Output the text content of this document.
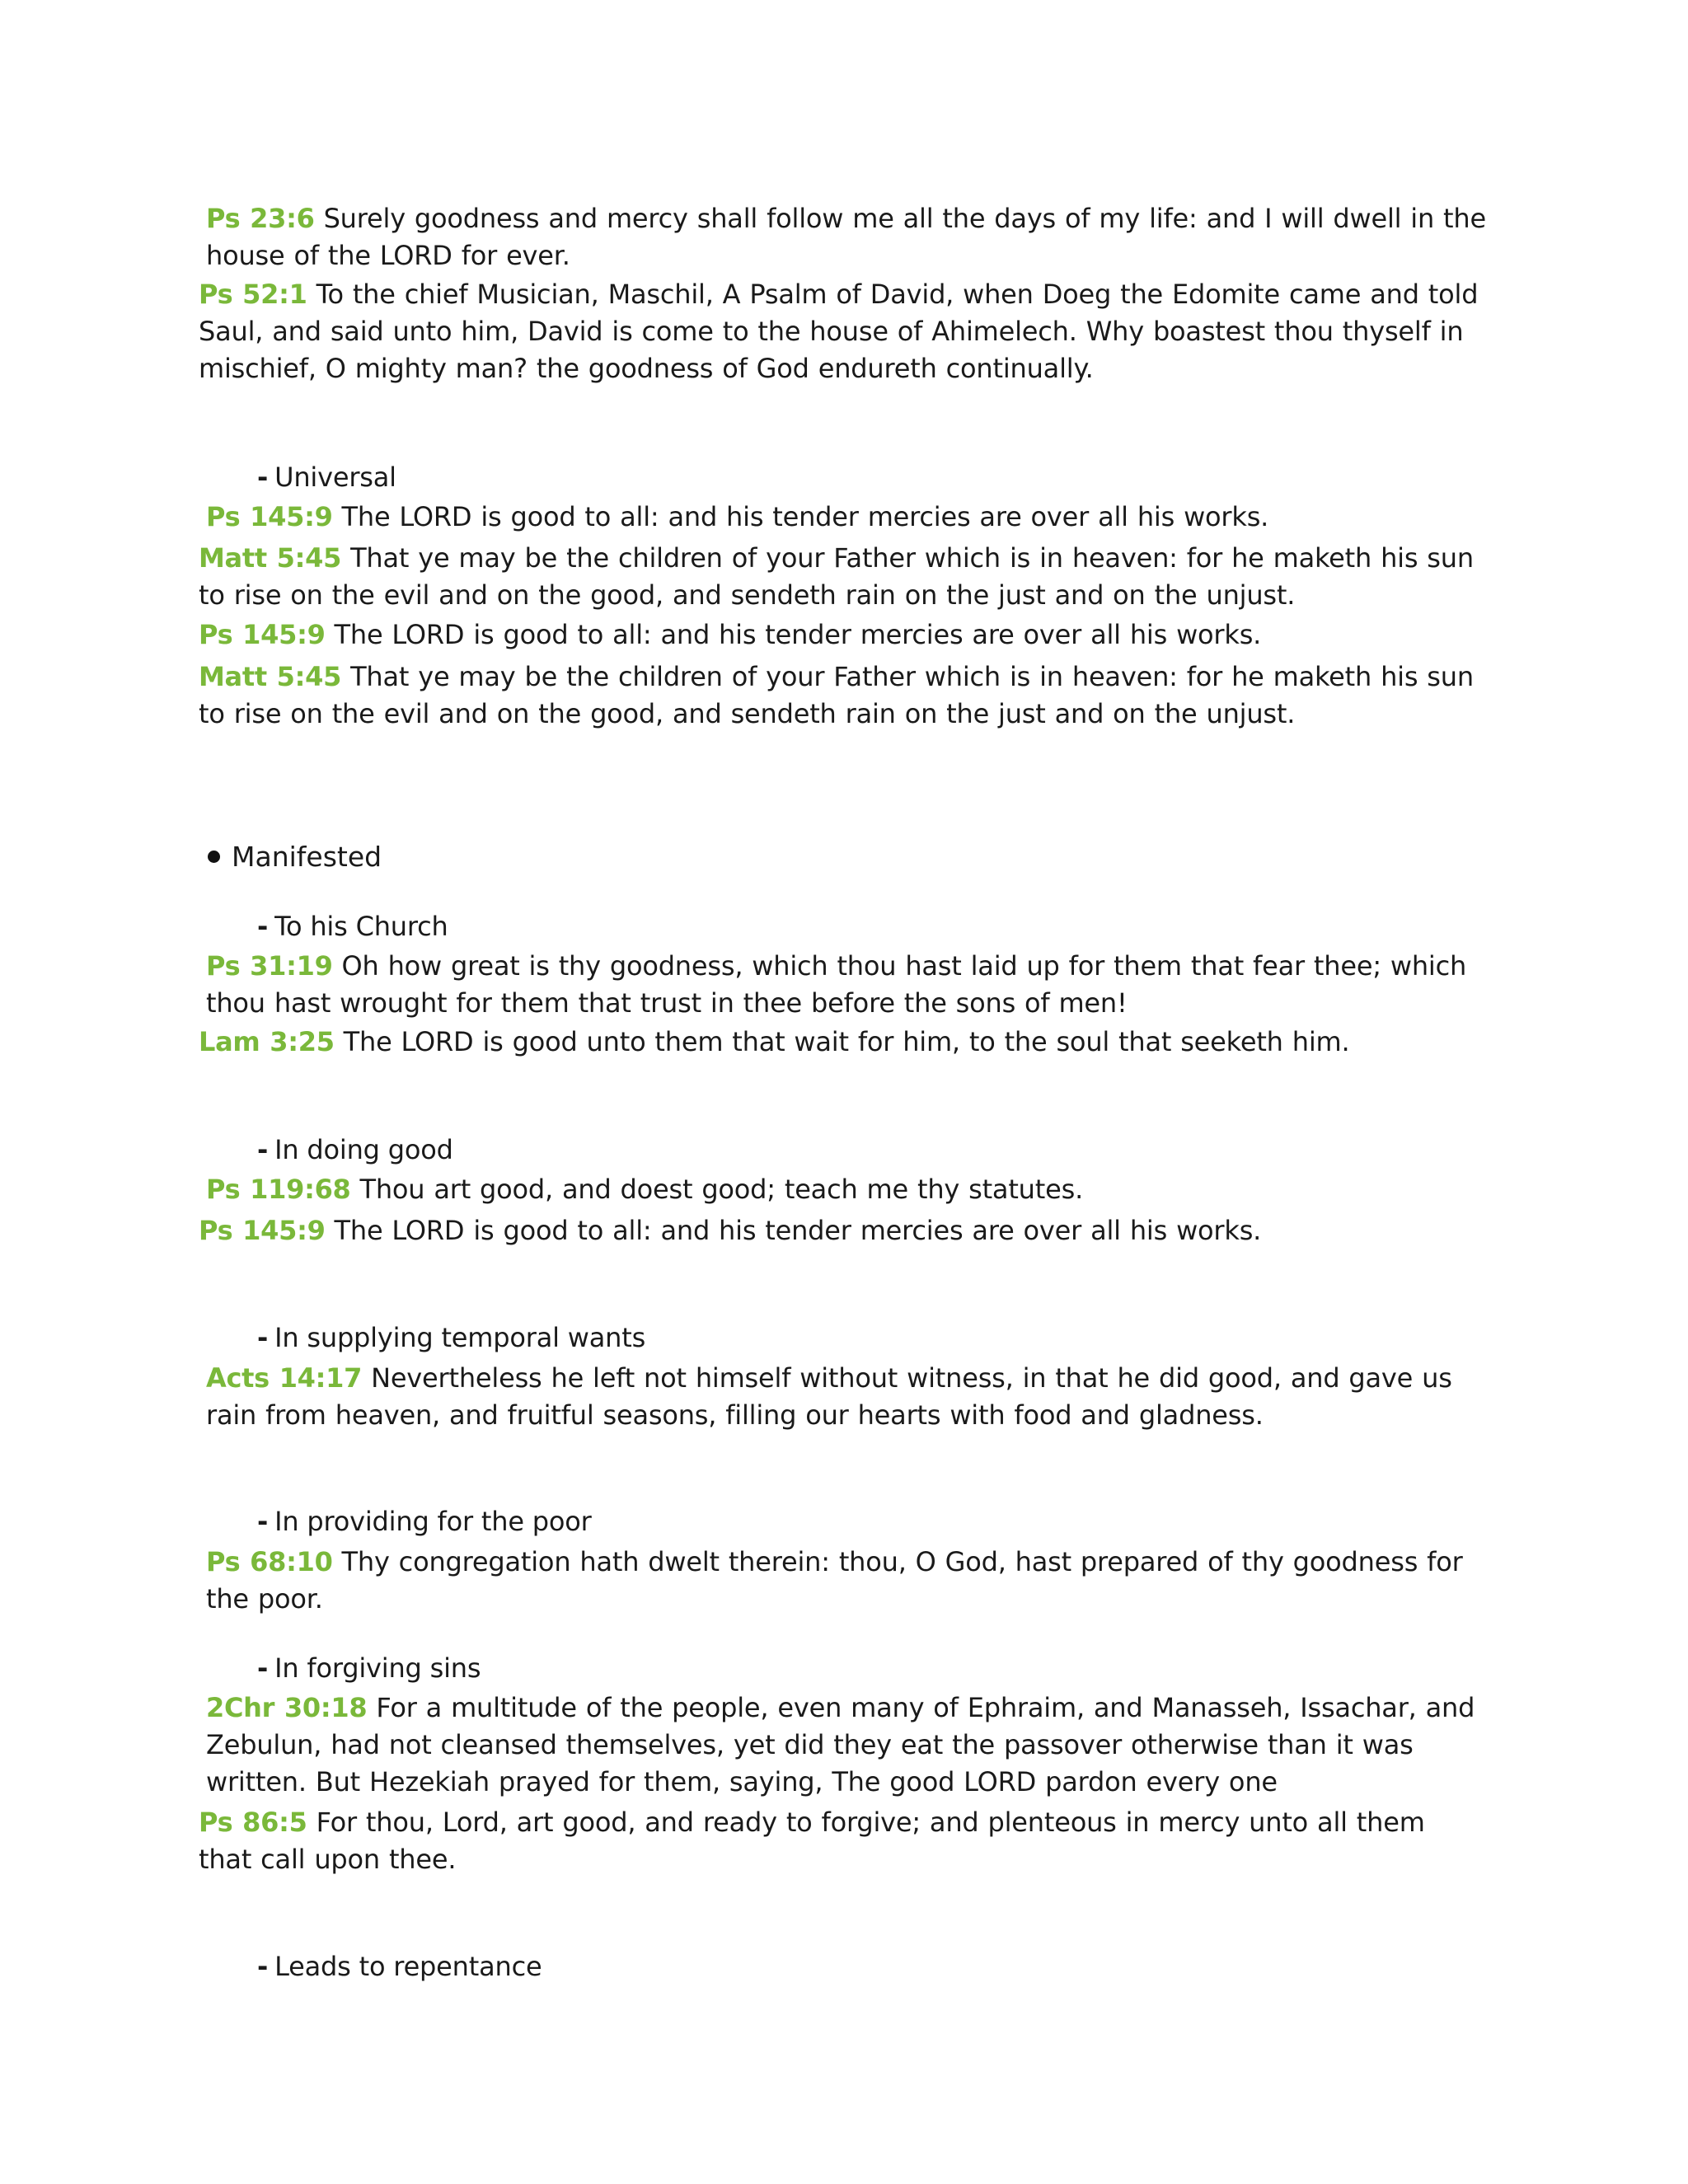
Ps 23:6 Surely goodness and mercy shall follow me all the days of my life: and I will dwell in the house of the LORD for ever.
Ps 52:1 To the chief Musician, Maschil, A Psalm of David, when Doeg the Edomite came and told Saul, and said unto him, David is come to the house of Ahimelech. Why boastest thou thyself in mischief, O mighty man? the goodness of God endureth continually.
- Universal
Ps 145:9 The LORD is good to all: and his tender mercies are over all his works.
Matt 5:45 That ye may be the children of your Father which is in heaven: for he maketh his sun to rise on the evil and on the good, and sendeth rain on the just and on the unjust.
Ps 145:9 The LORD is good to all: and his tender mercies are over all his works.
Matt 5:45 That ye may be the children of your Father which is in heaven: for he maketh his sun to rise on the evil and on the good, and sendeth rain on the just and on the unjust.
Manifested
- To his Church
Ps 31:19 Oh how great is thy goodness, which thou hast laid up for them that fear thee; which thou hast wrought for them that trust in thee before the sons of men!
Lam 3:25 The LORD is good unto them that wait for him, to the soul that seeketh him.
- In doing good
Ps 119:68 Thou art good, and doest good; teach me thy statutes.
Ps 145:9 The LORD is good to all: and his tender mercies are over all his works.
- In supplying temporal wants
Acts 14:17 Nevertheless he left not himself without witness, in that he did good, and gave us rain from heaven, and fruitful seasons, filling our hearts with food and gladness.
- In providing for the poor
Ps 68:10 Thy congregation hath dwelt therein: thou, O God, hast prepared of thy goodness for the poor.
- In forgiving sins
2Chr 30:18 For a multitude of the people, even many of Ephraim, and Manasseh, Issachar, and Zebulun, had not cleansed themselves, yet did they eat the passover otherwise than it was written. But Hezekiah prayed for them, saying, The good LORD pardon every one
Ps 86:5 For thou, Lord, art good, and ready to forgive; and plenteous in mercy unto all them that call upon thee.
- Leads to repentance
